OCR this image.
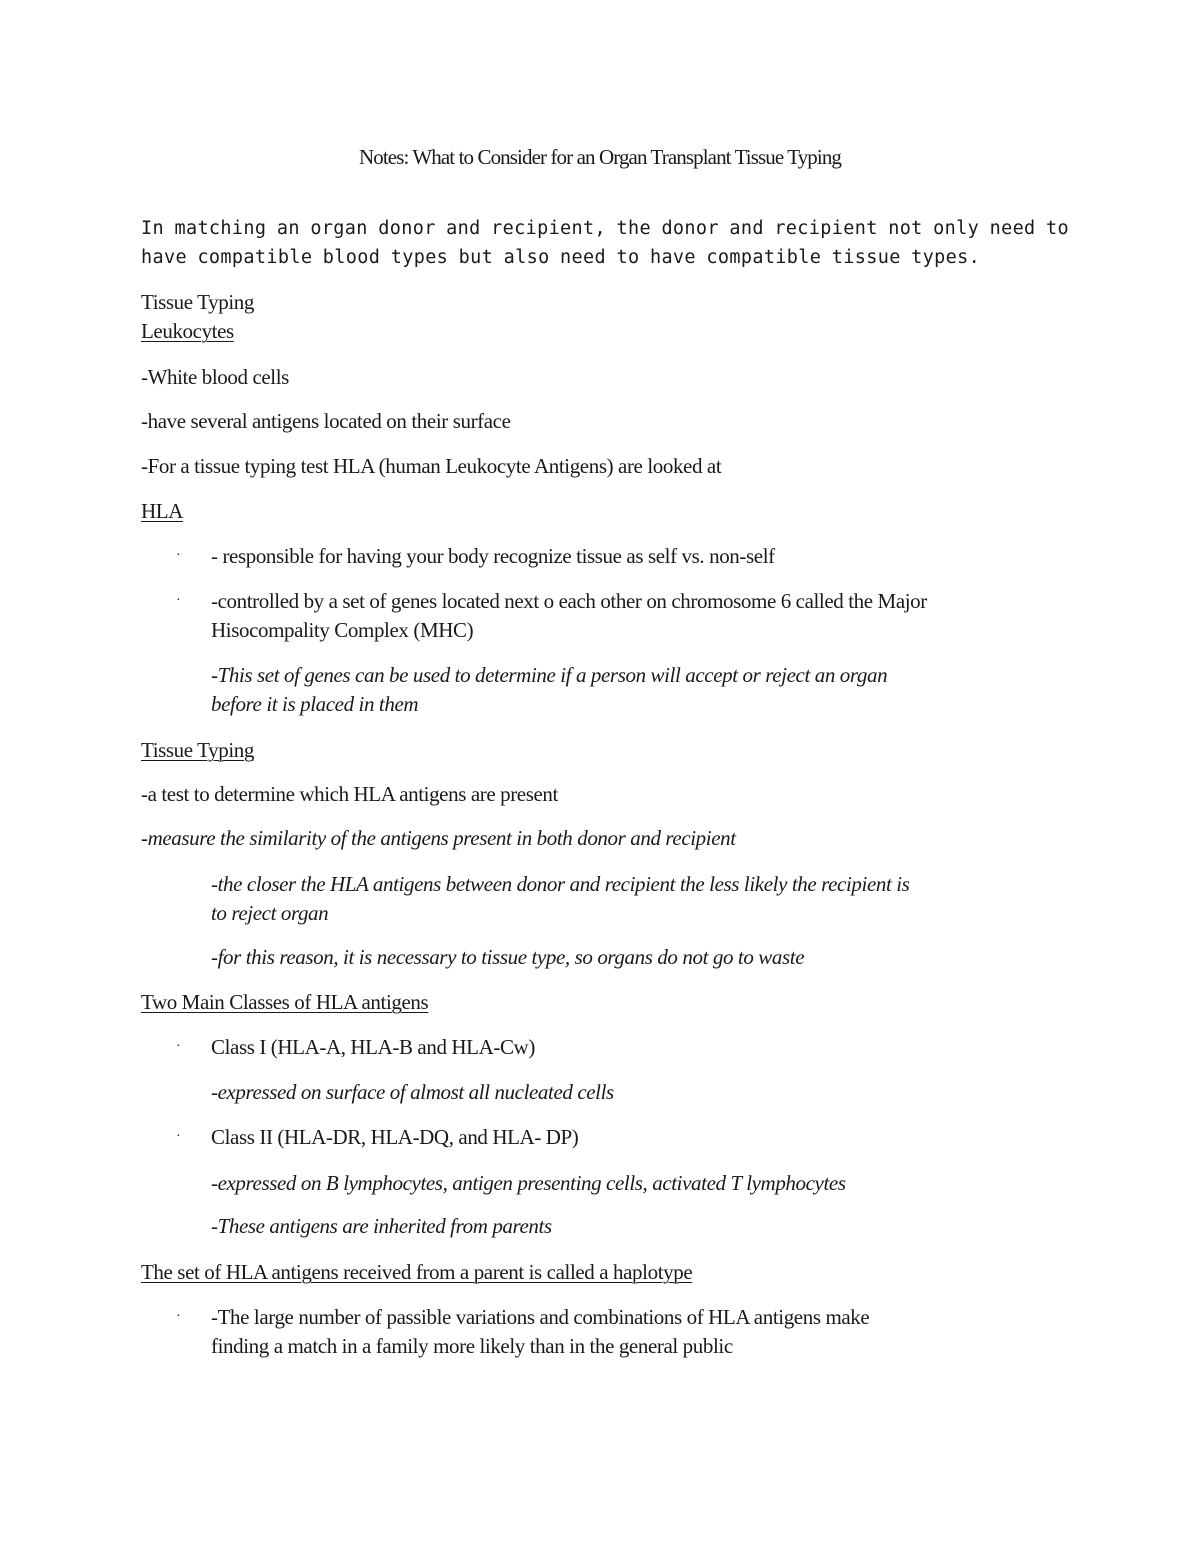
Notes: What to Consider for an Organ Transplant Tissue Typing
In matching an organ donor and recipient, the donor and recipient not only need to
have compatible blood types but also need to have compatible tissue types.
Tissue Typing
Leukocytes
-White blood cells
-have several antigens located on their surface
-For a tissue typing test HLA (human Leukocyte Antigens) are looked at
HLA
· - responsible for having your body recognize tissue as self vs. non-self
· -controlled by a set of genes located next o each other on chromosome 6 called the Major
Hisocompality Complex (MHC)
-This set of genes can be used to determine if a person will accept or reject an organ
before it is placed in them
Tissue Typing
-a test to determine which HLA antigens are present
-measure the similarity of the antigens present in both donor and recipient
-the closer the HLA antigens between donor and recipient the less likely the recipient is
to reject organ
-for this reason, it is necessary to tissue type, so organs do not go to waste
Two Main Classes of HLA antigens
· Class I (HLA-A, HLA-B and HLA-Cw)
-expressed on surface of almost all nucleated cells
· Class II (HLA-DR, HLA-DQ, and HLA- DP)
-expressed on B lymphocytes, antigen presenting cells, activated T lymphocytes
-These antigens are inherited from parents
The set of HLA antigens received from a parent is called a haplotype
· -The large number of passible variations and combinations of HLA antigens make
finding a match in a family more likely than in the general public
